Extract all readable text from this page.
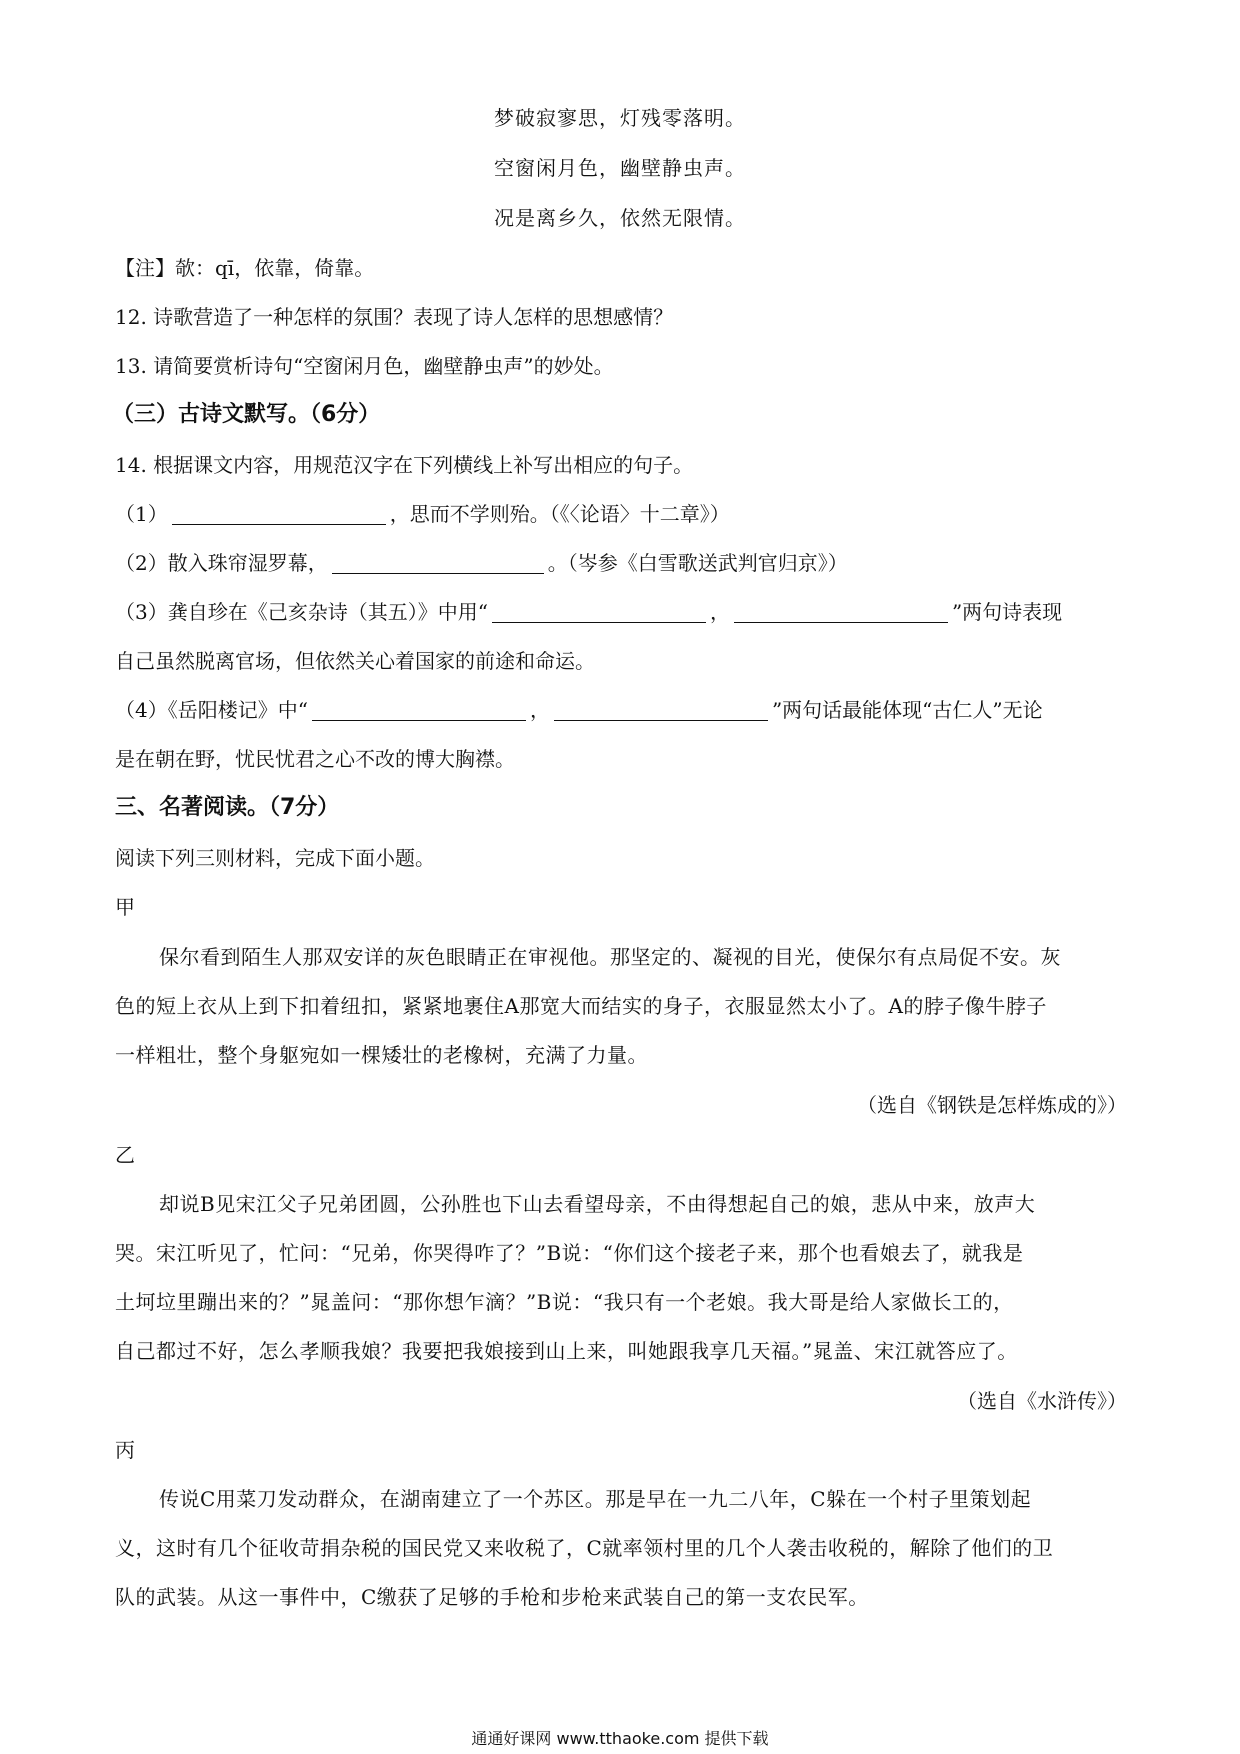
梦破寂寥思，灯残零落明。
空窗闲月色，幽壁静虫声。
况是离乡久，依然无限情。
【注】欹：qī，依靠，倚靠。
12. 诗歌营造了一种怎样的氛围？表现了诗人怎样的思想感情？
13. 请简要赏析诗句“空窗闲月色，幽壁静虫声”的妙处。
（三）古诗文默写。（6分）
14. 根据课文内容，用规范汉字在下列横线上补写出相应的句子。
（1）	，思而不学则殆。（《〈论语〉十二章》）
（2）散入珠帘湿罗幕，	。（岑参《白雪歌送武判官归京》）
（3）龚自珍在《己亥杂诗（其五）》中用“	，	”两句诗表现
自己虽然脱离官场，但依然关心着国家的前途和命运。
（4）《岳阳楼记》中“	，	”两句话最能体现“古仁人”无论
是在朝在野，忧民忧君之心不改的博大胸襟。
三、名著阅读。（7分）
阅读下列三则材料，完成下面小题。
甲
保尔看到陌生人那双安详的灰色眼睛正在审视他。那坚定的、凝视的目光，使保尔有点局促不安。灰
色的短上衣从上到下扣着纽扣，紧紧地裹住A那宽大而结实的身子，衣服显然太小了。A的脖子像牛脖子
一样粗壮，整个身躯宛如一棵矮壮的老橡树，充满了力量。
（选自《钢铁是怎样炼成的》）
乙
却说B见宋江父子兄弟团圆，公孙胜也下山去看望母亲，不由得想起自己的娘，悲从中来，放声大
哭。宋江听见了，忙问：“兄弟，你哭得咋了？”B说：“你们这个接老子来，那个也看娘去了，就我是
土坷垃里蹦出来的？”晁盖问：“那你想乍滴？”B说：“我只有一个老娘。我大哥是给人家做长工的，
自己都过不好，怎么孝顺我娘？我要把我娘接到山上来，叫她跟我享几天福。”晁盖、宋江就答应了。
（选自《水浒传》）
丙
传说C用菜刀发动群众，在湖南建立了一个苏区。那是早在一九二八年，C躲在一个村子里策划起
义，这时有几个征收苛捐杂税的国民党又来收税了，C就率领村里的几个人袭击收税的，解除了他们的卫
队的武装。从这一事件中，C缴获了足够的手枪和步枪来武装自己的第一支农民军。
通通好课网 www.tthaoke.com 提供下载
